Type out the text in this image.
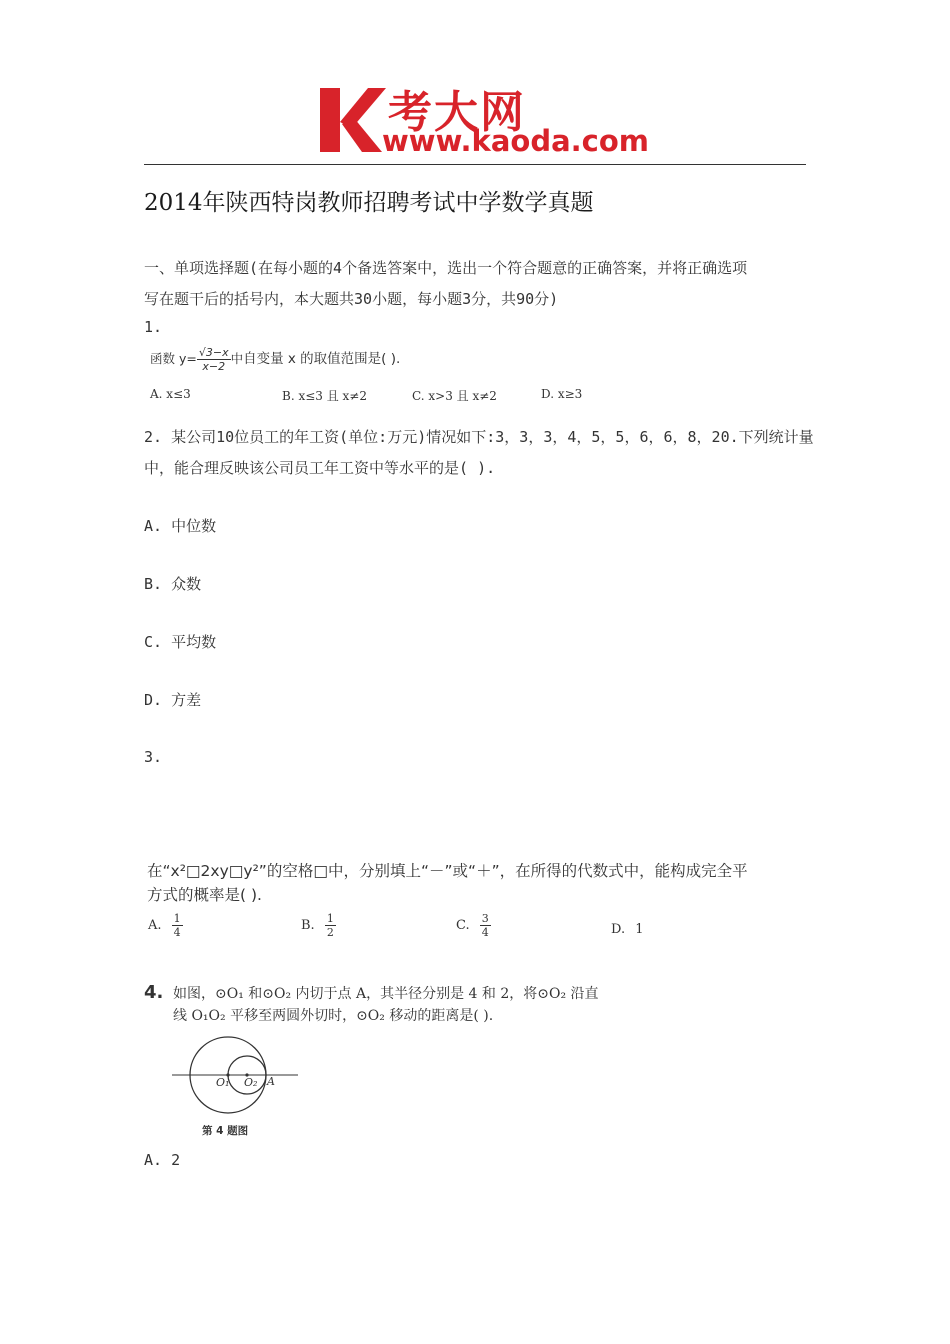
考大网
www.kaoda.com
2014年陕西特岗教师招聘考试中学数学真题
一、单项选择题(在每小题的4个备选答案中，选出一个符合题意的正确答案，并将正确选项
写在题干后的括号内，本大题共30小题，每小题3分，共90分)
1.
函数 $y= \frac{√3-x}{x-2}$ 中自变量 x 的取值范围是( ).
A. x≤3	B. x≤3 且 x≠2	C. x>3 且 x≠2	D. x≥3
2. 某公司10位员工的年工资(单位:万元)情况如下:3，3，3，4，5，5，6，6，8，20.下列统计量
中，能合理反映该公司员工年工资中等水平的是( ).
A. 中位数
B. 众数
C. 平均数
D. 方差
3.
在“x²□2xy□y²”的空格□中，分别填上“－”或“＋”，在所得的代数式中，能构成完全平
方式的概率是( ).
A. $\frac{1}{4}$	B. $\frac{1}{2}$	C. $\frac{3}{4}$	D. 1
4. 如图，⊙O₁ 和⊙O₂ 内切于点 A，其半径分别是 4 和 2，将⊙O₂ 沿直
线 O₁O₂ 平移至两圆外切时，⊙O₂ 移动的距离是( ).
O₁ O₂ A
第 4 题图
A. 2
